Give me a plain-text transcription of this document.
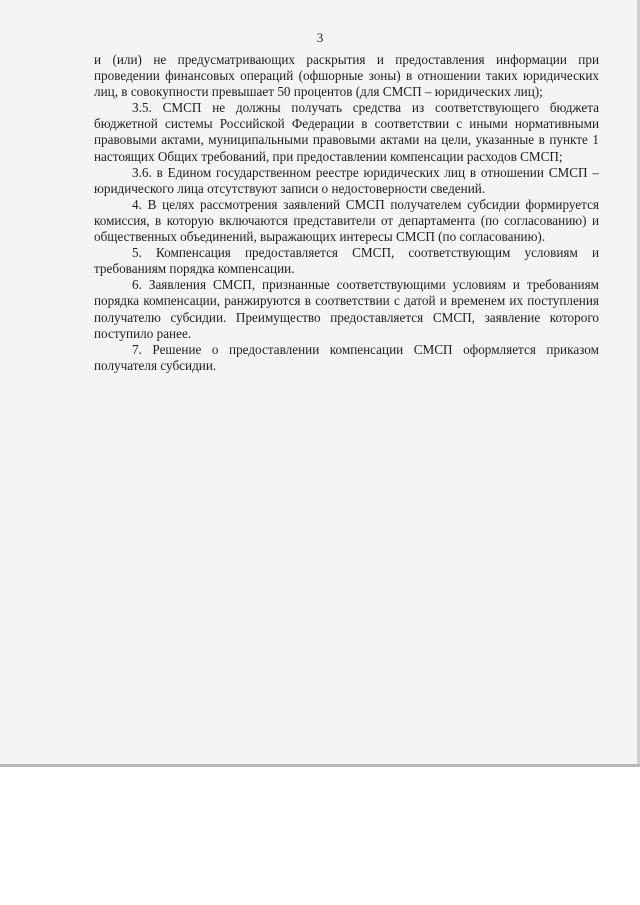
3

и (или) не предусматривающих раскрытия и предоставления информации при проведении финансовых операций (офшорные зоны) в отношении таких юридических лиц, в совокупности превышает 50 процентов (для СМСП – юридических лиц);

3.5. СМСП не должны получать средства из соответствующего бюджета бюджетной системы Российской Федерации в соответствии с иными нормативными правовыми актами, муниципальными правовыми актами на цели, указанные в пункте 1 настоящих Общих требований, при предоставлении компенсации расходов СМСП;

3.6. в Едином государственном реестре юридических лиц в отношении СМСП – юридического лица отсутствуют записи о недостоверности сведений.

4. В целях рассмотрения заявлений СМСП получателем субсидии формируется комиссия, в которую включаются представители от департамента (по согласованию) и общественных объединений, выражающих интересы СМСП (по согласованию).

5. Компенсация предоставляется СМСП, соответствующим условиям и требованиям порядка компенсации.

6. Заявления СМСП, признанные соответствующими условиям и требованиям порядка компенсации, ранжируются в соответствии с датой и временем их поступления получателю субсидии. Преимущество предоставляется СМСП, заявление которого поступило ранее.

7. Решение о предоставлении компенсации СМСП оформляется приказом получателя субсидии.
